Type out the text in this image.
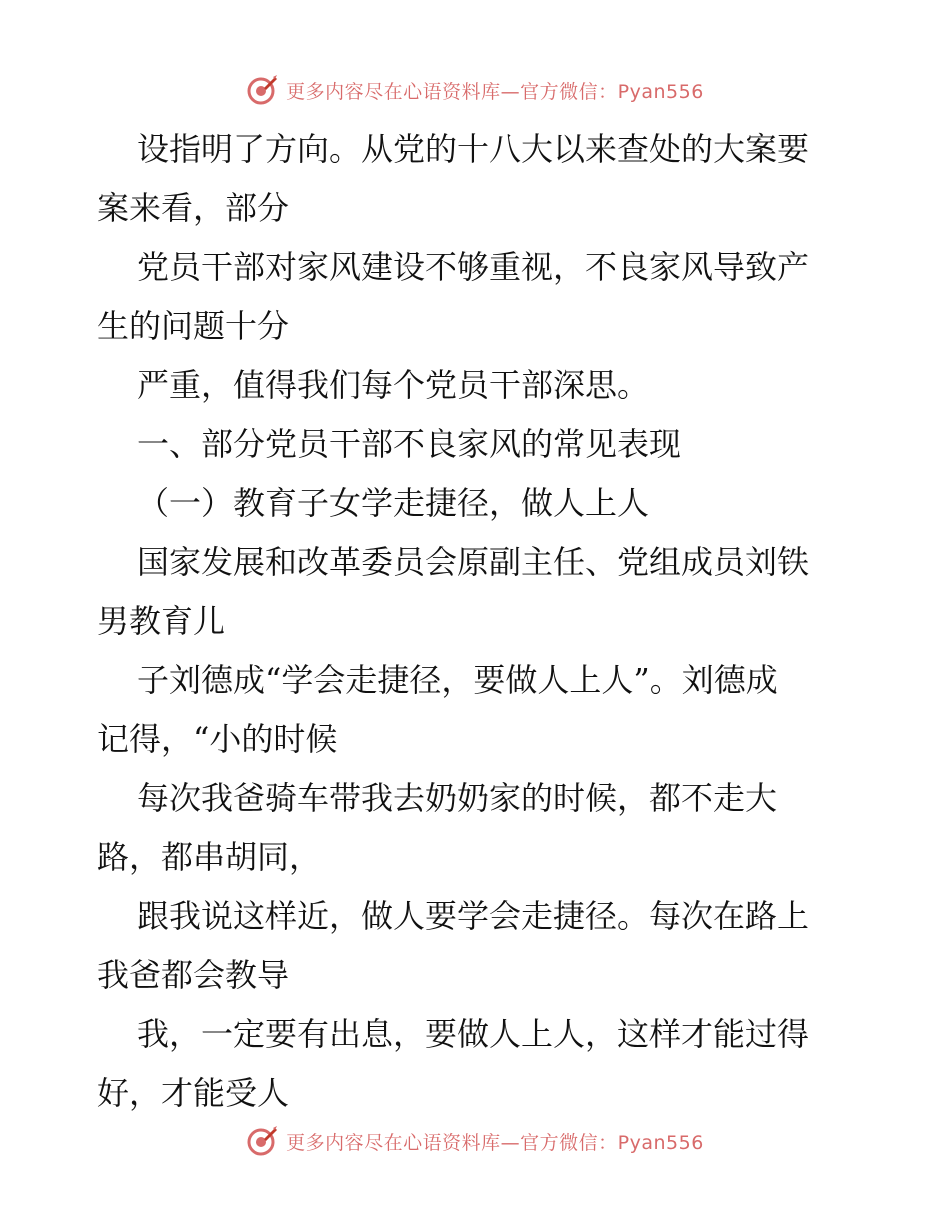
更多内容尽在心语资料库—官方微信：Pyan556
设指明了方向。从党的十八大以来查处的大案要
案来看，部分
党员干部对家风建设不够重视，不良家风导致产
生的问题十分
严重，值得我们每个党员干部深思。
一、部分党员干部不良家风的常见表现
（一）教育子女学走捷径，做人上人
国家发展和改革委员会原副主任、党组成员刘铁
男教育儿
子刘德成“学会走捷径，要做人上人”。刘德成
记得，“小的时候
每次我爸骑车带我去奶奶家的时候，都不走大
路，都串胡同，
跟我说这样近，做人要学会走捷径。每次在路上
我爸都会教导
我，一定要有出息，要做人上人，这样才能过得
好，才能受人
更多内容尽在心语资料库—官方微信：Pyan556
